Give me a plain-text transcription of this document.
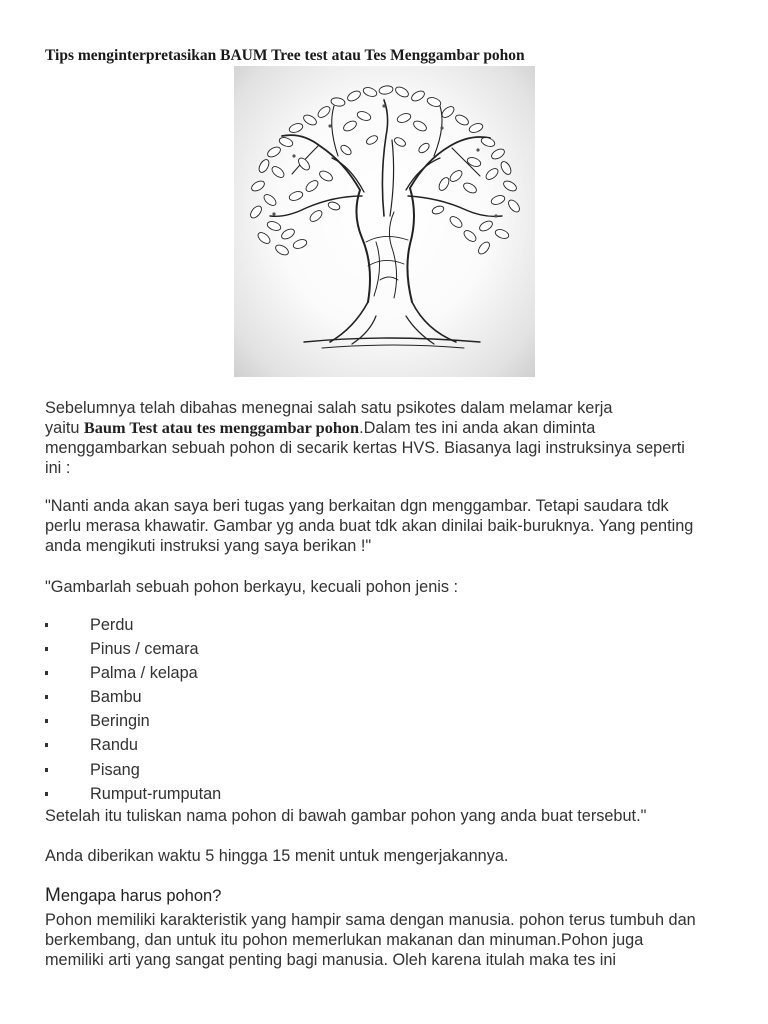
Tips menginterpretasikan BAUM Tree test atau Tes Menggambar pohon
Sebelumnya telah dibahas menegnai salah satu psikotes dalam melamar kerja
yaitu Baum Test atau tes menggambar pohon.Dalam tes ini anda akan diminta
menggambarkan sebuah pohon di secarik kertas HVS. Biasanya lagi instruksinya seperti
ini :
"Nanti anda akan saya beri tugas yang berkaitan dgn menggambar. Tetapi saudara tdk
perlu merasa khawatir. Gambar yg anda buat tdk akan dinilai baik-buruknya. Yang penting
anda mengikuti instruksi yang saya berikan !"
"Gambarlah sebuah pohon berkayu, kecuali pohon jenis :
Perdu
Pinus / cemara
Palma / kelapa
Bambu
Beringin
Randu
Pisang
Rumput-rumputan
Setelah itu tuliskan nama pohon di bawah gambar pohon yang anda buat tersebut."
Anda diberikan waktu 5 hingga 15 menit untuk mengerjakannya.
Mengapa harus pohon?
Pohon memiliki karakteristik yang hampir sama dengan manusia. pohon terus tumbuh dan
berkembang, dan untuk itu pohon memerlukan makanan dan minuman.Pohon juga
memiliki arti yang sangat penting bagi manusia. Oleh karena itulah maka tes ini
